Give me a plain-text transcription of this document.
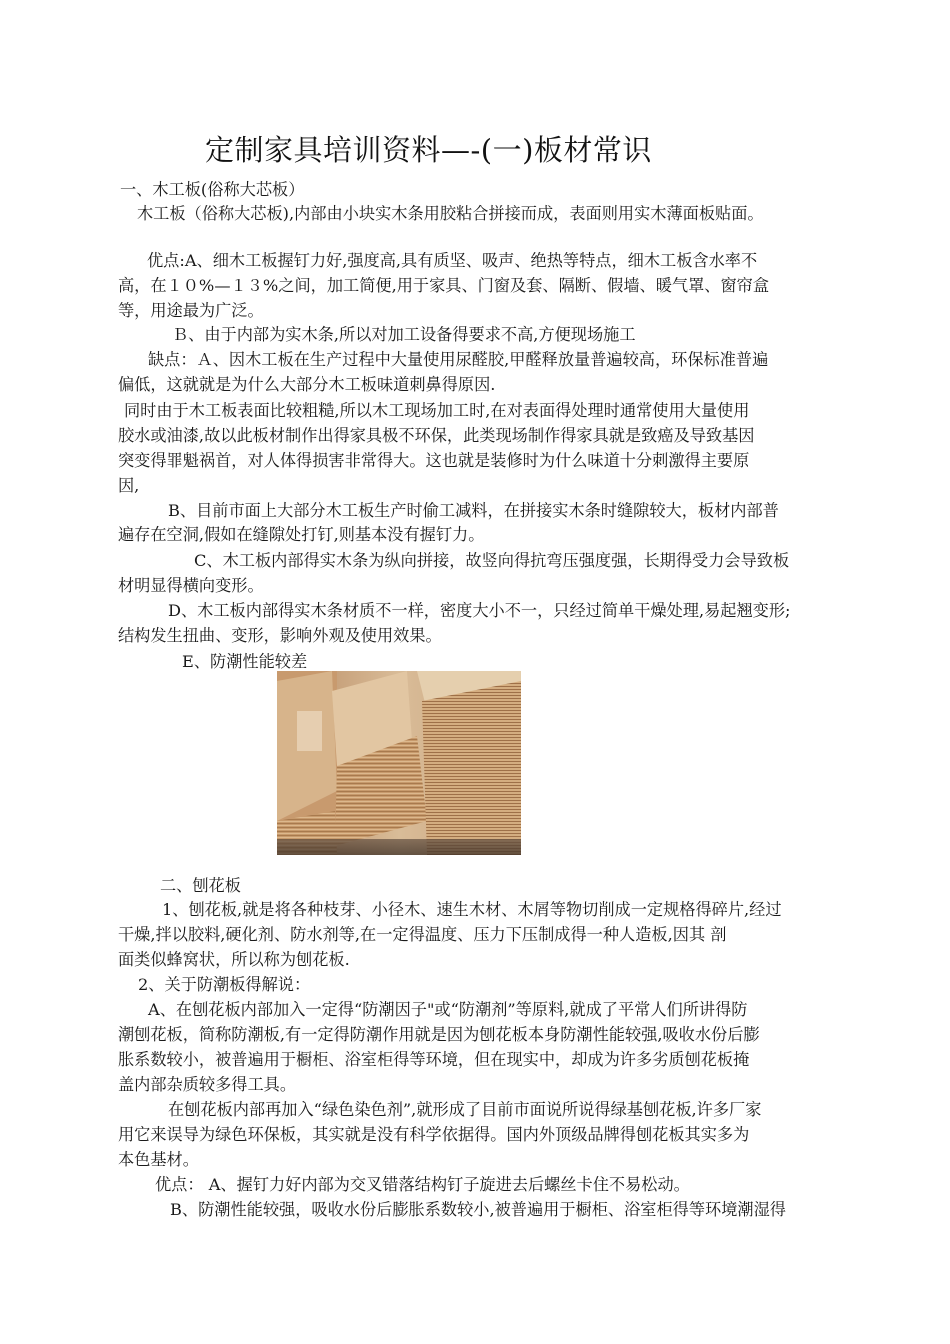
定制家具培训资料—-(一)板材常识
一、木工板(俗称大芯板）
木工板（俗称大芯板),内部由小块实木条用胶粘合拼接而成，表面则用实木薄面板贴面。
优点:A、细木工板握钉力好,强度高,具有质坚、吸声、绝热等特点，细木工板含水率不
高，在１０%—１３%之间，加工简便,用于家具、门窗及套、隔断、假墙、暖气罩、窗帘盒
等，用途最为广泛。
Ｂ、由于内部为实木条,所以对加工设备得要求不高,方便现场施工
缺点：Ａ、因木工板在生产过程中大量使用尿醛胶,甲醛释放量普遍较高，环保标准普遍
偏低，这就就是为什么大部分木工板味道刺鼻得原因.
同时由于木工板表面比较粗糙,所以木工现场加工时,在对表面得处理时通常使用大量使用
胶水或油漆,故以此板材制作出得家具极不环保，此类现场制作得家具就是致癌及导致基因
突变得罪魁祸首，对人体得损害非常得大。这也就是装修时为什么味道十分刺激得主要原
因,
B、目前市面上大部分木工板生产时偷工减料，在拼接实木条时缝隙较大，板材内部普
遍存在空洞,假如在缝隙处打钉,则基本没有握钉力。
C、木工板内部得实木条为纵向拼接，故竖向得抗弯压强度强，长期得受力会导致板
材明显得横向变形。
D、木工板内部得实木条材质不一样，密度大小不一，只经过简单干燥处理,易起翘变形;
结构发生扭曲、变形，影响外观及使用效果。
E、防潮性能较差
二、刨花板
1、刨花板,就是将各种枝芽、小径木、速生木材、木屑等物切削成一定规格得碎片,经过
干燥,拌以胶料,硬化剂、防水剂等,在一定得温度、压力下压制成得一种人造板,因其 剖
面类似蜂窝状，所以称为刨花板.
2、关于防潮板得解说：
A、在刨花板内部加入一定得“防潮因子"或“防潮剂”等原料,就成了平常人们所讲得防
潮刨花板，简称防潮板,有一定得防潮作用就是因为刨花板本身防潮性能较强,吸收水份后膨
胀系数较小，被普遍用于橱柜、浴室柜得等环境，但在现实中，却成为许多劣质刨花板掩
盖内部杂质较多得工具。
在刨花板内部再加入“绿色染色剂”,就形成了目前市面说所说得绿基刨花板,许多厂家
用它来误导为绿色环保板，其实就是没有科学依据得。国内外顶级品牌得刨花板其实多为
本色基材。
优点： A、握钉力好内部为交叉错落结构钉子旋进去后螺丝卡住不易松动。
B、防潮性能较强，吸收水份后膨胀系数较小,被普遍用于橱柜、浴室柜得等环境潮湿得
